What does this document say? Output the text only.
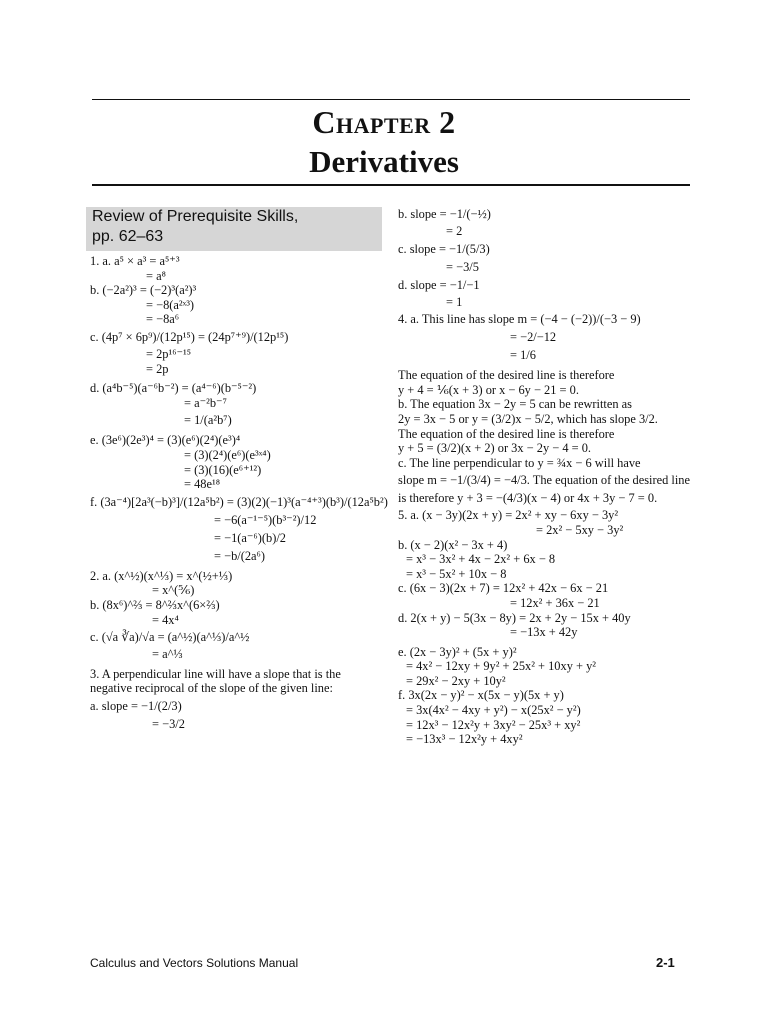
Chapter 2
Derivatives
Review of Prerequisite Skills,
pp. 62–63
1. a. a⁵ × a³ = a⁵⁺³
= a⁸
b. (−2a²)³ = (−2)³(a²)³
= −8(a²ˣ³)
= −8a⁶
c. (4p⁷ × 6p⁹)/(12p¹⁵) = (24p⁷⁺⁹)/(12p¹⁵)
= 2p¹⁶⁻¹⁵
= 2p
d. (a⁴b⁻⁵)(a⁻⁶b⁻²) = (a⁴⁻⁶)(b⁻⁵⁻²)
= a⁻²b⁻⁷
= 1/(a²b⁷)
e. (3e⁶)(2e³)⁴ = (3)(e⁶)(2⁴)(e³)⁴
= (3)(2⁴)(e⁶)(e³ˣ⁴)
= (3)(16)(e⁶⁺¹²)
= 48e¹⁸
f. (3a⁻⁴)[2a³(−b)³]/(12a⁵b²) = (3)(2)(−1)³(a⁻⁴⁺³)(b³)/(12a⁵b²)
= −6(a⁻¹⁻⁵)(b³⁻²)/12
= −1(a⁻⁶)(b)/2
= −b/(2a⁶)
2. a. (x^½)(x^⅓) = x^(½+⅓)
= x^(⅚)
b. (8x⁶)^⅔ = 8^⅔x^(6×⅔)
= 4x⁴
c. (√a ∛a)/√a = (a^½)(a^⅓)/a^½
= a^⅓
3. A perpendicular line will have a slope that is the
negative reciprocal of the slope of the given line:
a. slope = −1/(2/3)
= −3/2
b. slope = −1/(−½)
= 2
c. slope = −1/(5/3)
= −3/5
d. slope = −1/−1
= 1
4. a. This line has slope m = (−4 − (−2))/(−3 − 9)
= −2/−12
= 1/6
The equation of the desired line is therefore
y + 4 = ⅙(x + 3) or x − 6y − 21 = 0.
b. The equation 3x − 2y = 5 can be rewritten as
2y = 3x − 5 or y = (3/2)x − 5/2, which has slope 3/2.
The equation of the desired line is therefore
y + 5 = (3/2)(x + 2) or 3x − 2y − 4 = 0.
c. The line perpendicular to y = ¾x − 6 will have
slope m = −1/(3/4) = −4/3. The equation of the desired line
is therefore y + 3 = −(4/3)(x − 4) or 4x + 3y − 7 = 0.
5. a. (x − 3y)(2x + y) = 2x² + xy − 6xy − 3y²
= 2x² − 5xy − 3y²
b. (x − 2)(x² − 3x + 4)
= x³ − 3x² + 4x − 2x² + 6x − 8
= x³ − 5x² + 10x − 8
c. (6x − 3)(2x + 7) = 12x² + 42x − 6x − 21
= 12x² + 36x − 21
d. 2(x + y) − 5(3x − 8y) = 2x + 2y − 15x + 40y
= −13x + 42y
e. (2x − 3y)² + (5x + y)²
= 4x² − 12xy + 9y² + 25x² + 10xy + y²
= 29x² − 2xy + 10y²
f. 3x(2x − y)² − x(5x − y)(5x + y)
= 3x(4x² − 4xy + y²) − x(25x² − y²)
= 12x³ − 12x²y + 3xy² − 25x³ + xy²
= −13x³ − 12x²y + 4xy²
Calculus and Vectors Solutions Manual	2-1
